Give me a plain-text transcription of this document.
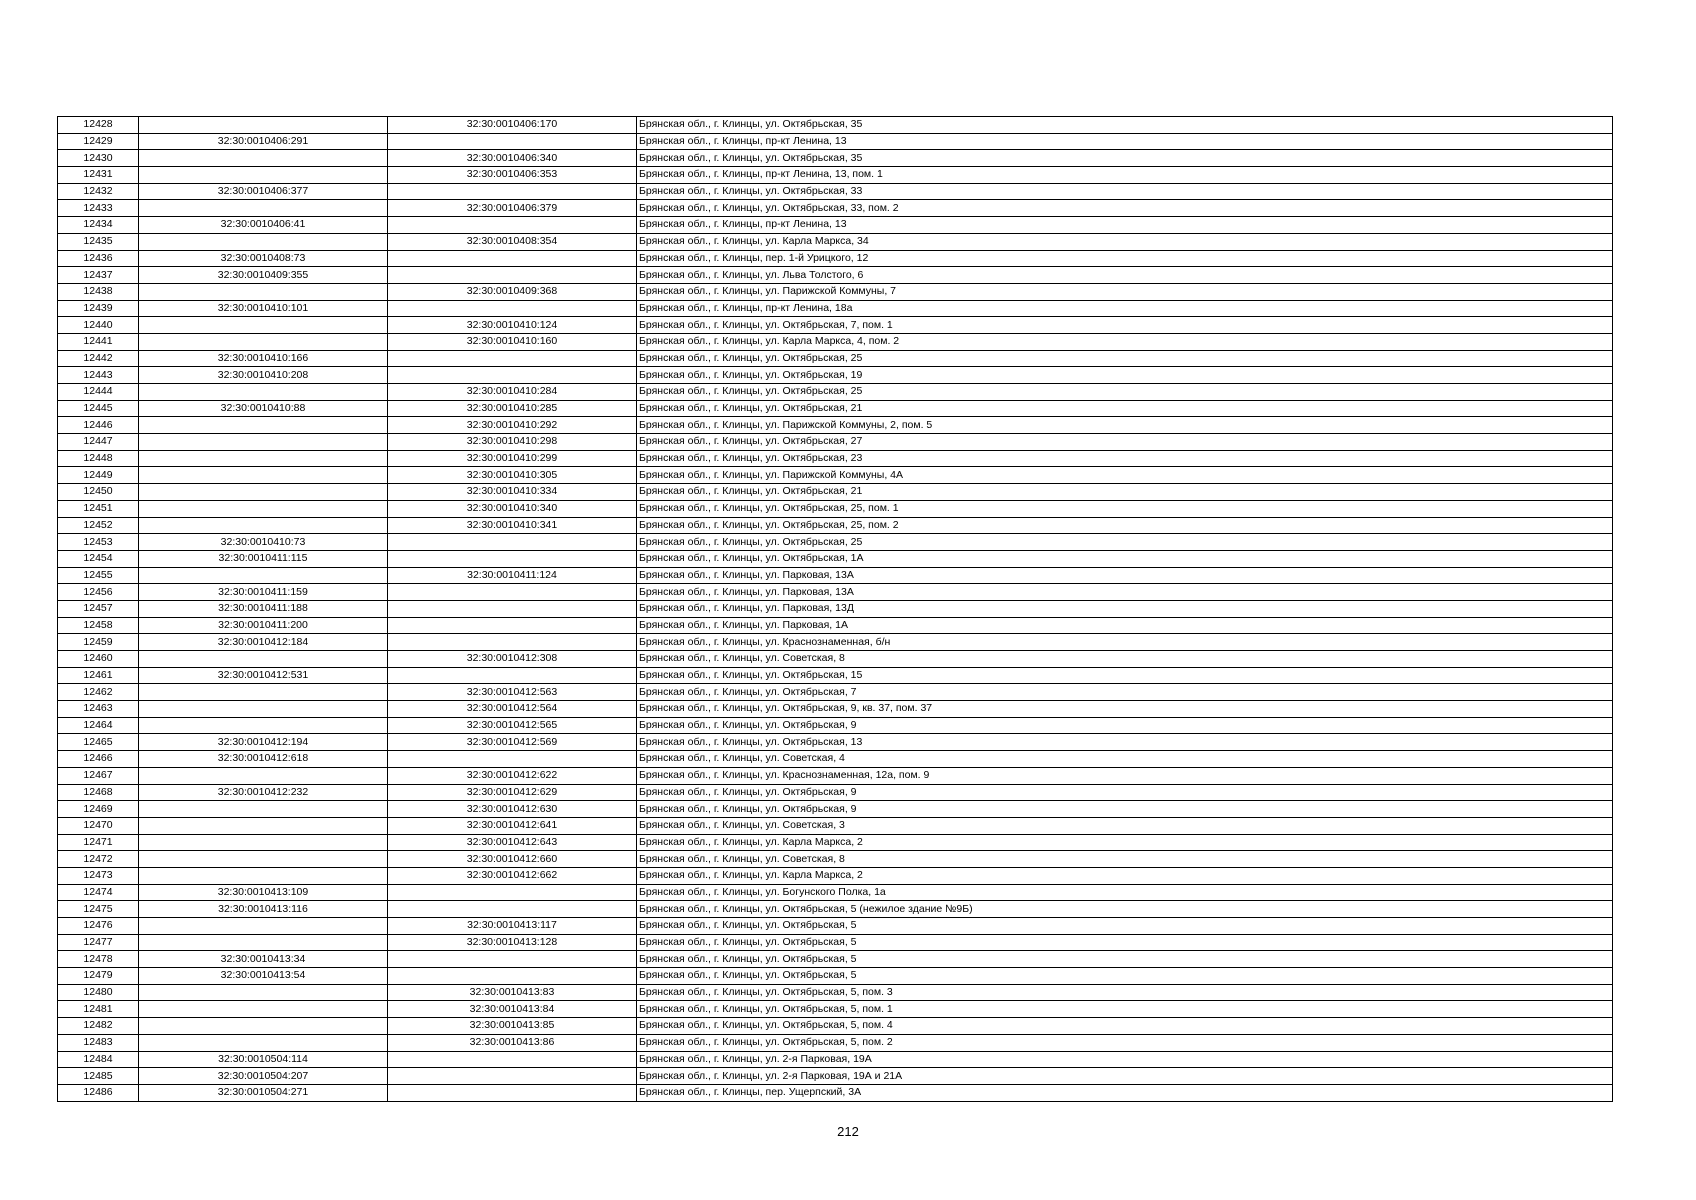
12428		32:30:0010406:170	Брянская обл., г. Клинцы, ул. Октябрьская, 35
12429	32:30:0010406:291		Брянская обл., г. Клинцы, пр-кт Ленина, 13
12430		32:30:0010406:340	Брянская обл., г. Клинцы, ул. Октябрьская, 35
12431		32:30:0010406:353	Брянская обл., г. Клинцы, пр-кт Ленина, 13, пом. 1
12432	32:30:0010406:377		Брянская обл., г. Клинцы, ул. Октябрьская, 33
12433		32:30:0010406:379	Брянская обл., г. Клинцы, ул. Октябрьская, 33, пом. 2
12434	32:30:0010406:41		Брянская обл., г. Клинцы, пр-кт Ленина, 13
12435		32:30:0010408:354	Брянская обл., г. Клинцы, ул. Карла Маркса, 34
12436	32:30:0010408:73		Брянская обл., г. Клинцы, пер. 1-й Урицкого, 12
12437	32:30:0010409:355		Брянская обл., г. Клинцы, ул. Льва Толстого, 6
12438		32:30:0010409:368	Брянская обл., г. Клинцы, ул. Парижской Коммуны, 7
12439	32:30:0010410:101		Брянская обл., г. Клинцы, пр-кт Ленина, 18а
12440		32:30:0010410:124	Брянская обл., г. Клинцы, ул. Октябрьская, 7, пом. 1
12441		32:30:0010410:160	Брянская обл., г. Клинцы, ул. Карла Маркса, 4, пом. 2
12442	32:30:0010410:166		Брянская обл., г. Клинцы, ул. Октябрьская, 25
12443	32:30:0010410:208		Брянская обл., г. Клинцы, ул. Октябрьская, 19
12444		32:30:0010410:284	Брянская обл., г. Клинцы, ул. Октябрьская, 25
12445	32:30:0010410:88	32:30:0010410:285	Брянская обл., г. Клинцы, ул. Октябрьская, 21
12446		32:30:0010410:292	Брянская обл., г. Клинцы, ул. Парижской Коммуны, 2, пом. 5
12447		32:30:0010410:298	Брянская обл., г. Клинцы, ул. Октябрьская, 27
12448		32:30:0010410:299	Брянская обл., г. Клинцы, ул. Октябрьская, 23
12449		32:30:0010410:305	Брянская обл., г. Клинцы, ул. Парижской Коммуны, 4А
12450		32:30:0010410:334	Брянская обл., г. Клинцы, ул. Октябрьская, 21
12451		32:30:0010410:340	Брянская обл., г. Клинцы, ул. Октябрьская, 25, пом. 1
12452		32:30:0010410:341	Брянская обл., г. Клинцы, ул. Октябрьская, 25, пом. 2
12453	32:30:0010410:73		Брянская обл., г. Клинцы, ул. Октябрьская, 25
12454	32:30:0010411:115		Брянская обл., г. Клинцы, ул. Октябрьская, 1А
12455		32:30:0010411:124	Брянская обл., г. Клинцы, ул. Парковая, 13А
12456	32:30:0010411:159		Брянская обл., г. Клинцы, ул. Парковая, 13А
12457	32:30:0010411:188		Брянская обл., г. Клинцы, ул. Парковая, 13Д
12458	32:30:0010411:200		Брянская обл., г. Клинцы, ул. Парковая, 1А
12459	32:30:0010412:184		Брянская обл., г. Клинцы, ул. Краснознаменная, б/н
12460		32:30:0010412:308	Брянская обл., г. Клинцы, ул. Советская, 8
12461	32:30:0010412:531		Брянская обл., г. Клинцы, ул. Октябрьская, 15
12462		32:30:0010412:563	Брянская обл., г. Клинцы, ул. Октябрьская, 7
12463		32:30:0010412:564	Брянская обл., г. Клинцы, ул. Октябрьская, 9, кв. 37, пом. 37
12464		32:30:0010412:565	Брянская обл., г. Клинцы, ул. Октябрьская, 9
12465	32:30:0010412:194	32:30:0010412:569	Брянская обл., г. Клинцы, ул. Октябрьская, 13
12466	32:30:0010412:618		Брянская обл., г. Клинцы, ул. Советская, 4
12467		32:30:0010412:622	Брянская обл., г. Клинцы, ул. Краснознаменная, 12а, пом. 9
12468	32:30:0010412:232	32:30:0010412:629	Брянская обл., г. Клинцы, ул. Октябрьская, 9
12469		32:30:0010412:630	Брянская обл., г. Клинцы, ул. Октябрьская, 9
12470		32:30:0010412:641	Брянская обл., г. Клинцы, ул. Советская, 3
12471		32:30:0010412:643	Брянская обл., г. Клинцы, ул. Карла Маркса, 2
12472		32:30:0010412:660	Брянская обл., г. Клинцы, ул. Советская, 8
12473		32:30:0010412:662	Брянская обл., г. Клинцы, ул. Карла Маркса, 2
12474	32:30:0010413:109		Брянская обл., г. Клинцы, ул. Богунского Полка, 1а
12475	32:30:0010413:116		Брянская обл., г. Клинцы, ул. Октябрьская, 5 (нежилое здание №9Б)
12476		32:30:0010413:117	Брянская обл., г. Клинцы, ул. Октябрьская, 5
12477		32:30:0010413:128	Брянская обл., г. Клинцы, ул. Октябрьская, 5
12478	32:30:0010413:34		Брянская обл., г. Клинцы, ул. Октябрьская, 5
12479	32:30:0010413:54		Брянская обл., г. Клинцы, ул. Октябрьская, 5
12480		32:30:0010413:83	Брянская обл., г. Клинцы, ул. Октябрьская, 5, пом. 3
12481		32:30:0010413:84	Брянская обл., г. Клинцы, ул. Октябрьская, 5, пом. 1
12482		32:30:0010413:85	Брянская обл., г. Клинцы, ул. Октябрьская, 5, пом. 4
12483		32:30:0010413:86	Брянская обл., г. Клинцы, ул. Октябрьская, 5, пом. 2
12484	32:30:0010504:114		Брянская обл., г. Клинцы, ул. 2-я Парковая, 19А
12485	32:30:0010504:207		Брянская обл., г. Клинцы, ул. 2-я Парковая, 19А и 21А
12486	32:30:0010504:271		Брянская обл., г. Клинцы, пер. Ущерпский, 3А
212
